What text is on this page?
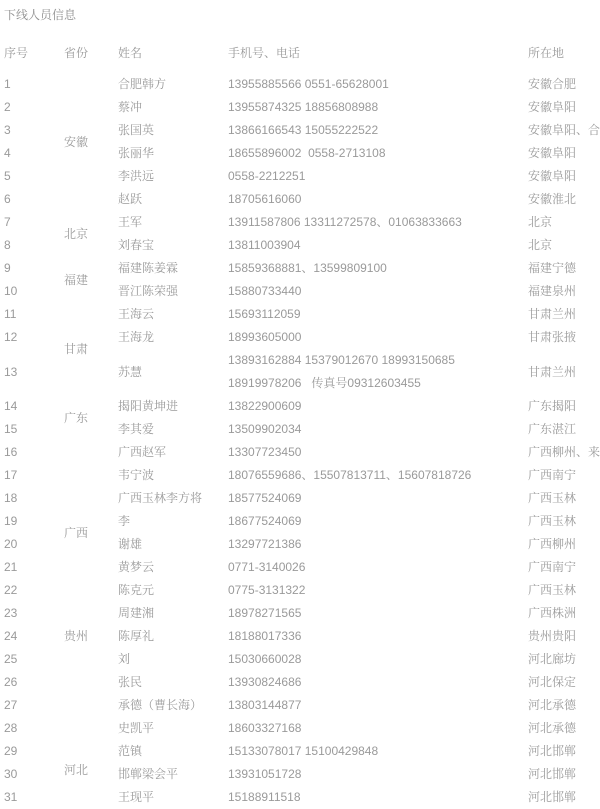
下线人员信息
序号	省份	姓名	手机号、电话	所在地
1	安徽	合肥韩方	13955885566 0551-65628001	安徽合肥
2		蔡冲	13955874325 18856808988	安徽阜阳
3		张国英	13866166543 15055222522	安徽阜阳、合
4		张丽华	18655896002  0558-2713108	安徽阜阳
5		李洪远	0558-2212251	安徽阜阳
6		赵跃	18705616060	安徽淮北
7	北京	王军	13911587806 13311272578、01063833663	北京
8		刘春宝	13811003904	北京
9	福建	福建陈姜霖	15859368881、13599809100	福建宁德
10		晋江陈荣强	15880733440	福建泉州
11	甘肃	王海云	15693112059	甘肃兰州
12		王海龙	18993605000	甘肃张掖
13		苏慧	13893162884 15379012670 18993150685
18919978206   传真号09312603455	甘肃兰州
14	广东	揭阳黄坤进	13822900609	广东揭阳
15		李其爱	13509902034	广东湛江
16	广西	广西赵军	13307723450	广西柳州、来
17		韦宁波	18076559686、15507813711、15607818726	广西南宁
18		广西玉林李方将	18577524069	广西玉林
19		李	18677524069	广西玉林
20		谢雄	13297721386	广西柳州
21		黄梦云	0771-3140026	广西南宁
22		陈克元	0775-3131322	广西玉林
23		周建湘	18978271565	广西株洲
24	贵州	陈厚礼	18188017336	贵州贵阳
25	河北	刘	15030660028	河北廊坊
26		张民	13930824686	河北保定
27		承德（曹长海）	13803144877	河北承德
28		史凯平	18603327168	河北承德
29		范镇	15133078017 15100429848	河北邯郸
30		邯郸梁会平	13931051728	河北邯郸
31		王现平	15188911518	河北邯郸
